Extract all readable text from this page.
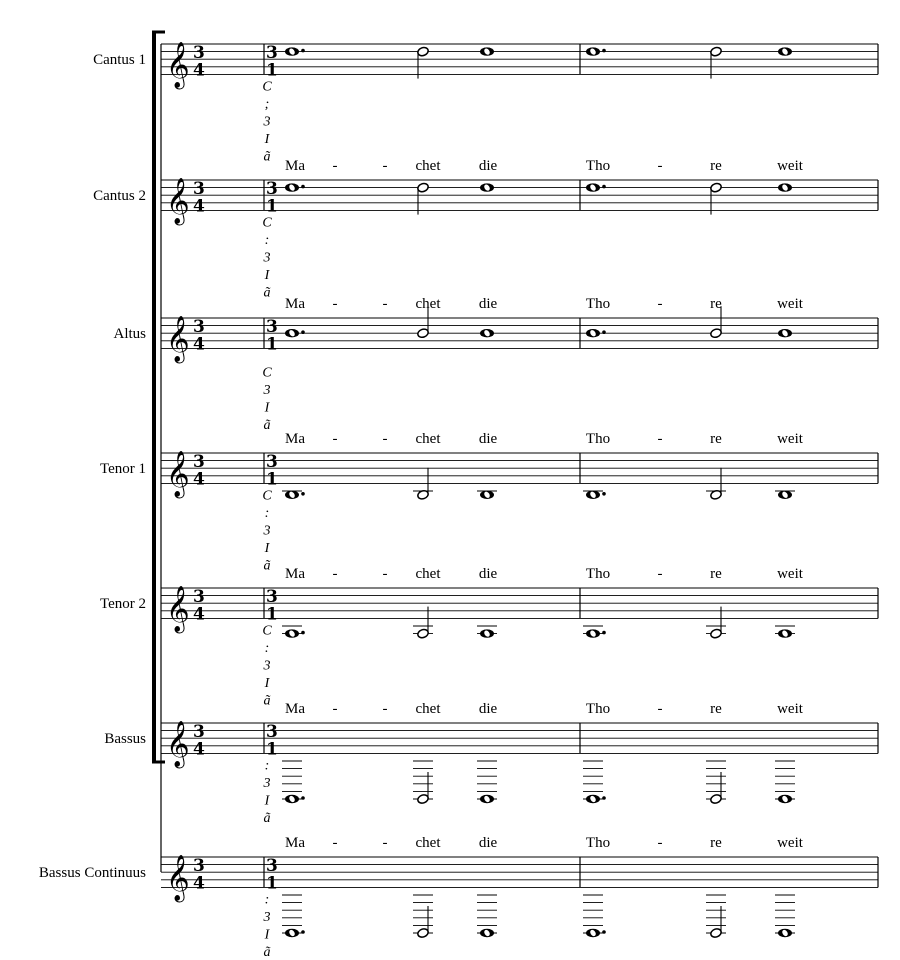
Cantus 1 𝄞 3
4
3
1
C
;
3
I
ã
Ma -	- chet	die	Tho	-	re	weit
Cantus 2 𝄞 3
4
3
1
C
:
3
I
ã
Ma -	- chet	die	Tho	-	re	weit
Altus 𝄞 3
4
3
1
C
3
I
ã
Ma -	- chet	die	Tho	-	re	weit
Tenor 1 𝄞 3
4
3
1
C
:
3
I
ã
Ma -	- chet	die	Tho	-	re	weit
Tenor 2 𝄞 3
4
3
1
C
:
3
I
ã
Ma -	- chet	die	Tho	-	re	weit
Bassus 𝄞 3
4
3
1
:
3
I
ã
Ma -	- chet	die	Tho	-	re	weit
Bassus Continuus 𝄞 3
4
3
1
:
3
I
ã
